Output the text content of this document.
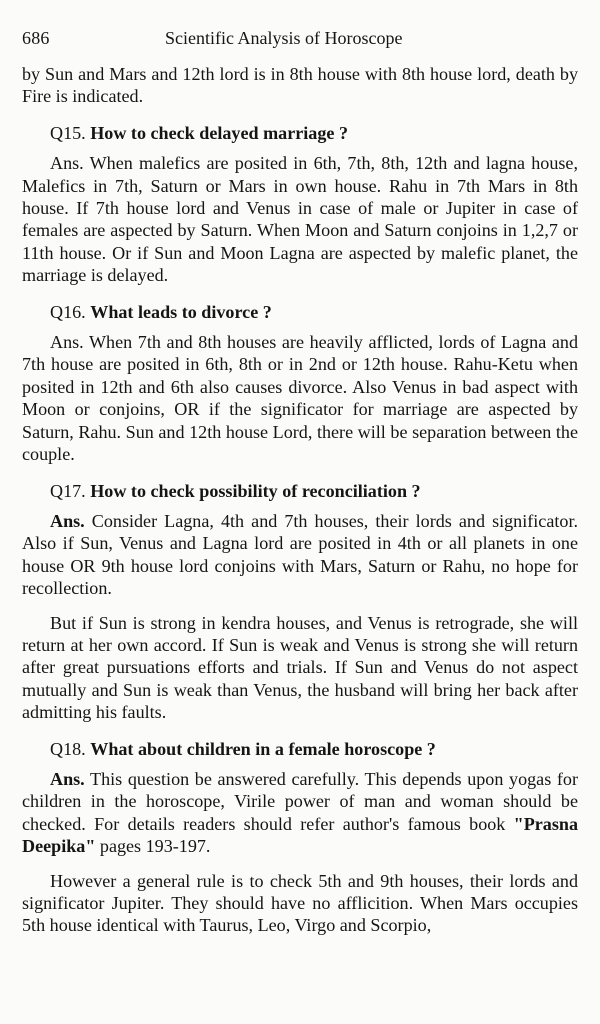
686	Scientific Analysis of Horoscope

by Sun and Mars and 12th lord is in 8th house with 8th house lord, death by Fire is indicated.

Q15. How to check delayed marriage ?

Ans. When malefics are posited in 6th, 7th, 8th, 12th and lagna house, Malefics in 7th, Saturn or Mars in own house. Rahu in 7th Mars in 8th house. If 7th house lord and Venus in case of male or Jupiter in case of females are aspected by Saturn. When Moon and Saturn conjoins in 1,2,7 or 11th house. Or if Sun and Moon Lagna are aspected by malefic planet, the marriage is delayed.

Q16. What leads to divorce ?

Ans. When 7th and 8th houses are heavily afflicted, lords of Lagna and 7th house are posited in 6th, 8th or in 2nd or 12th house. Rahu-Ketu when posited in 12th and 6th also causes divorce. Also Venus in bad aspect with Moon or conjoins, OR if the significator for marriage are aspected by Saturn, Rahu. Sun and 12th house Lord, there will be separation between the couple.

Q17. How to check possibility of reconciliation ?

Ans. Consider Lagna, 4th and 7th houses, their lords and significator. Also if Sun, Venus and Lagna lord are posited in 4th or all planets in one house OR 9th house lord conjoins with Mars, Saturn or Rahu, no hope for recollection.

But if Sun is strong in kendra houses, and Venus is retrograde, she will return at her own accord. If Sun is weak and Venus is strong she will return after great pursuations efforts and trials. If Sun and Venus do not aspect mutually and Sun is weak than Venus, the husband will bring her back after admitting his faults.

Q18. What about children in a female horoscope ?

Ans. This question be answered carefully. This depends upon yogas for children in the horoscope, Virile power of man and woman should be checked. For details readers should refer author's famous book "Prasna Deepika" pages 193-197.

However a general rule is to check 5th and 9th houses, their lords and significator Jupiter. They should have no afflicition. When Mars occupies 5th house identical with Taurus, Leo, Virgo and Scorpio,
